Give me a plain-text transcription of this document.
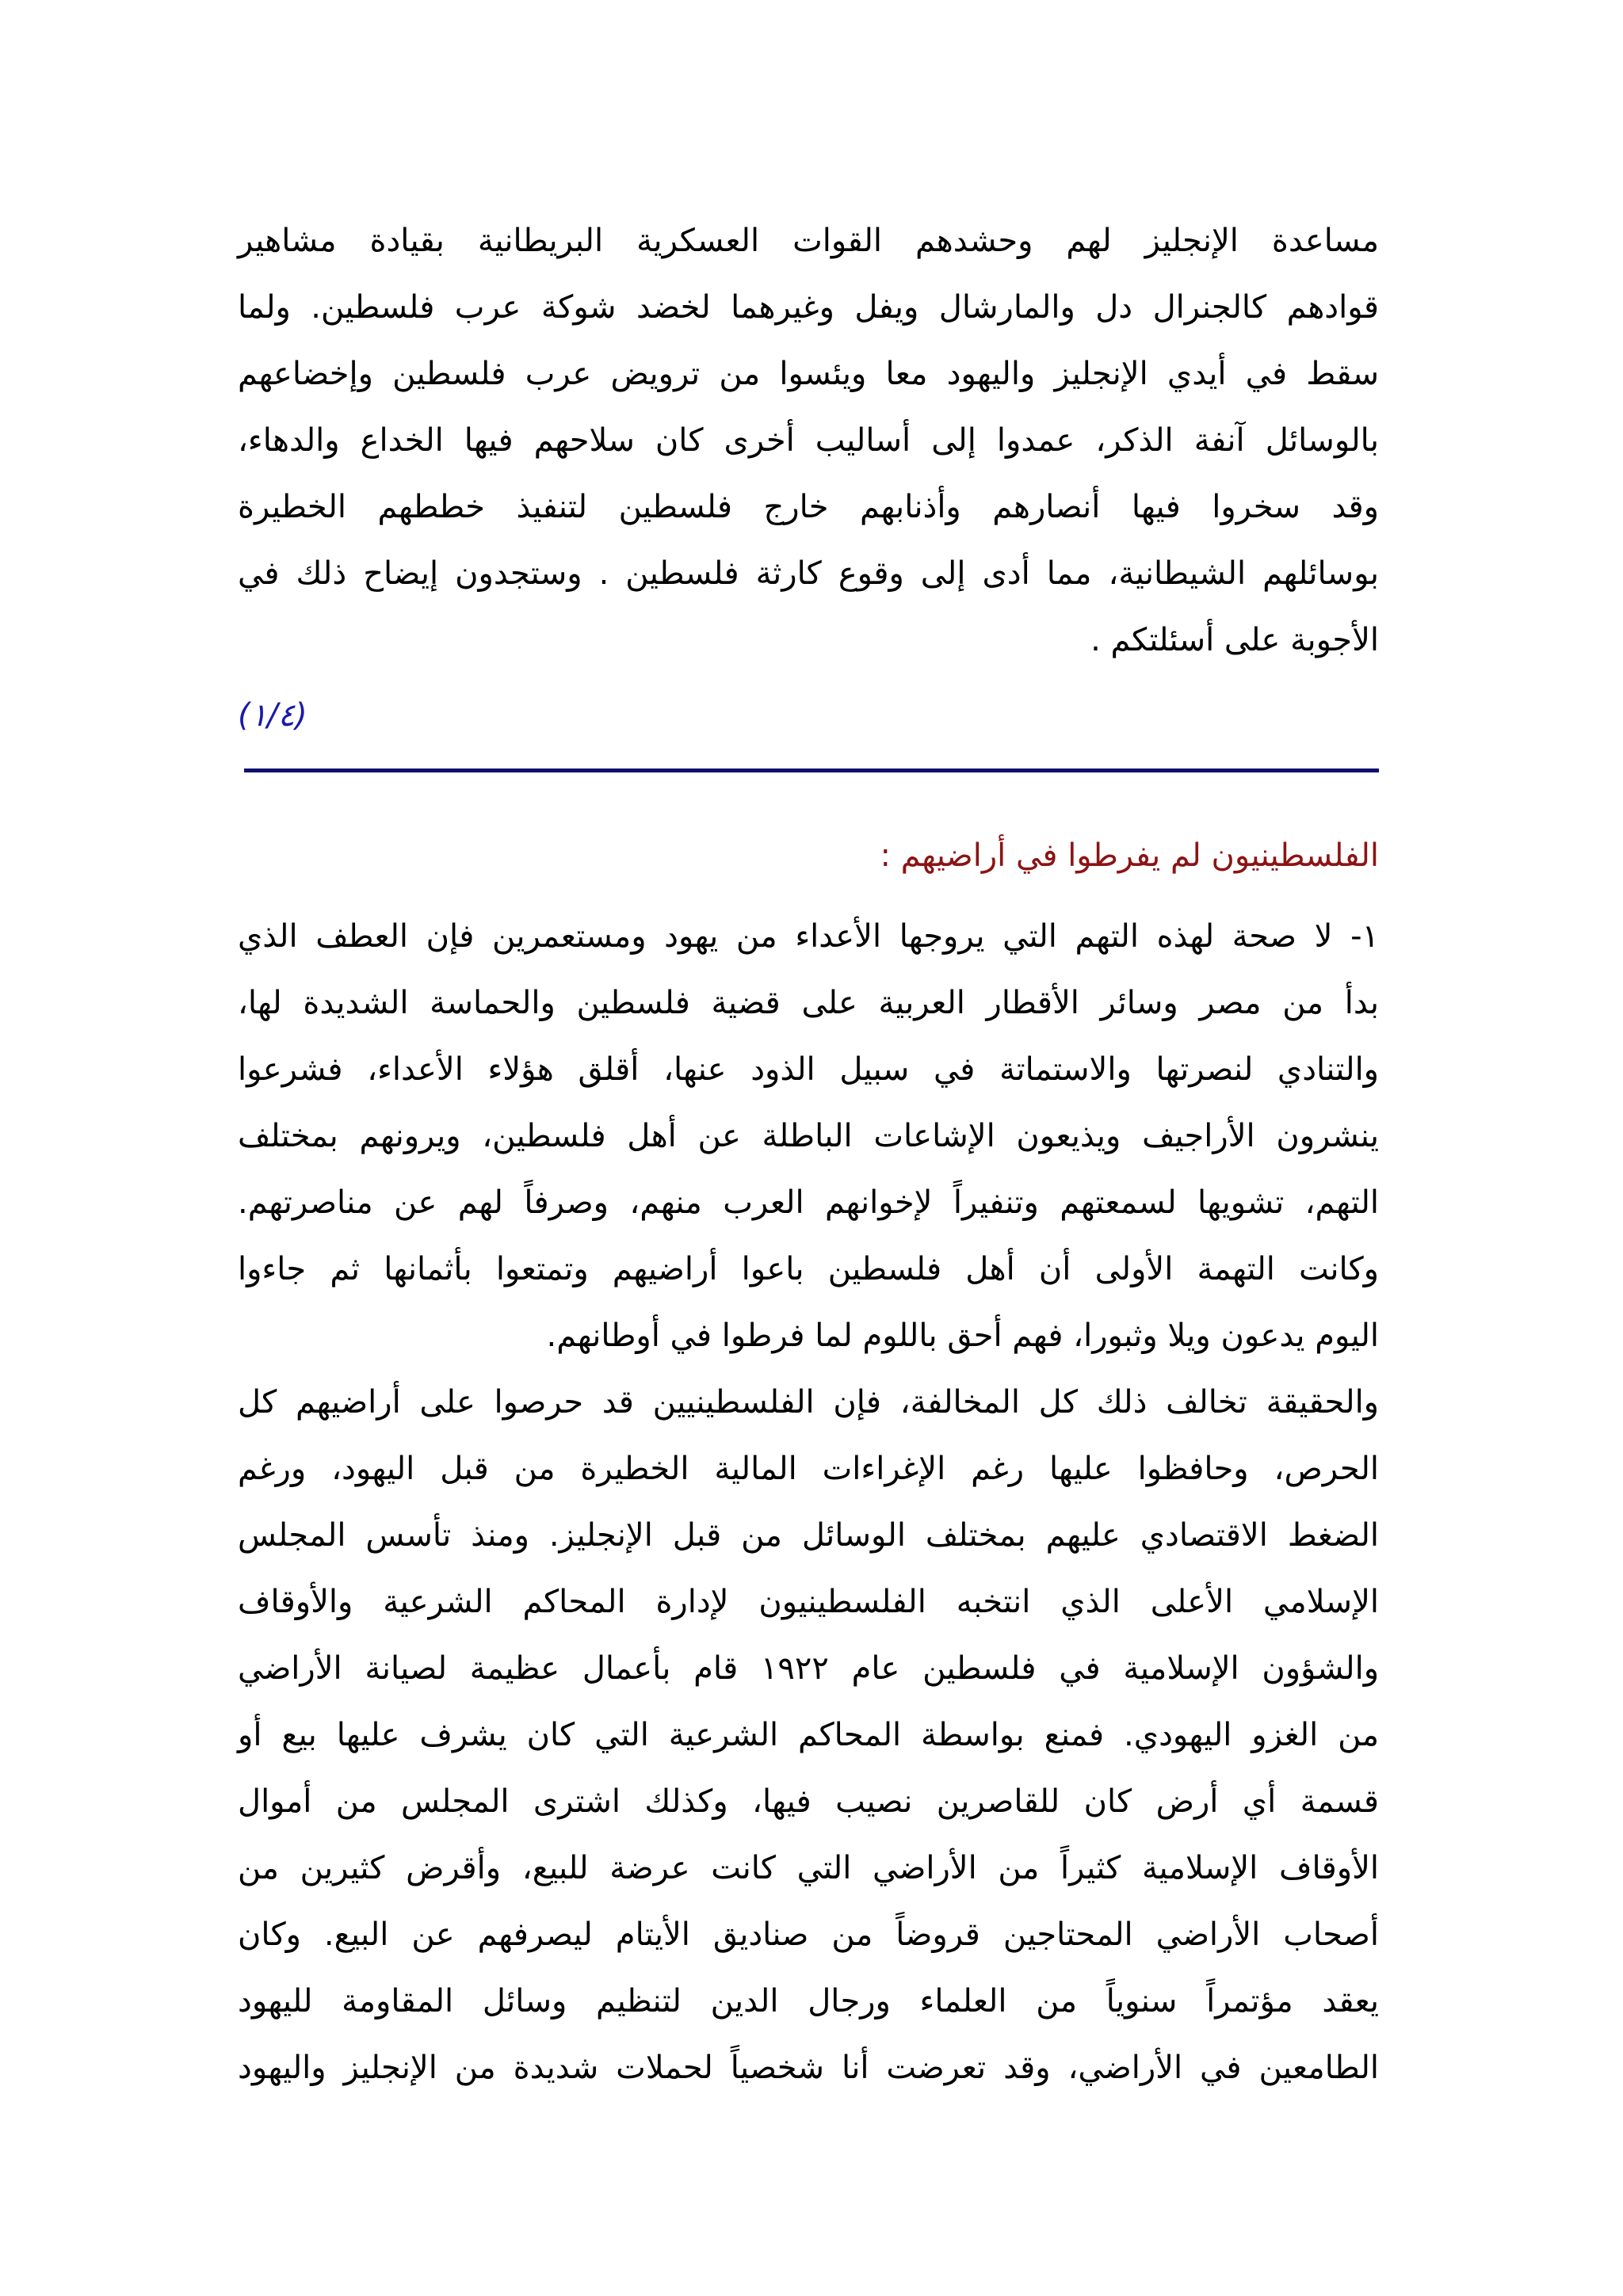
مساعدة الإنجليز لهم وحشدهم القوات العسكرية البريطانية بقيادة مشاهير
قوادهم كالجنرال دل والمارشال ويفل وغيرهما لخضد شوكة عرب فلسطين. ولما
سقط في أيدي الإنجليز واليهود معا ويئسوا من ترويض عرب فلسطين وإخضاعهم
بالوسائل آنفة الذكر، عمدوا إلى أساليب أخرى كان سلاحهم فيها الخداع والدهاء،
وقد سخروا فيها أنصارهم وأذنابهم خارج فلسطين لتنفيذ خططهم الخطيرة
بوسائلهم الشيطانية، مما أدى إلى وقوع كارثة فلسطين . وستجدون إيضاح ذلك في
الأجوبة على أسئلتكم .
(١/٤)
الفلسطينيون لم يفرطوا في أراضيهم :
١- لا صحة لهذه التهم التي يروجها الأعداء من يهود ومستعمرين فإن العطف الذي
بدأ من مصر وسائر الأقطار العربية على قضية فلسطين والحماسة الشديدة لها،
والتنادي لنصرتها والاستماتة في سبيل الذود عنها، أقلق هؤلاء الأعداء، فشرعوا
ينشرون الأراجيف ويذيعون الإشاعات الباطلة عن أهل فلسطين، ويرونهم بمختلف
التهم، تشويها لسمعتهم وتنفيراً لإخوانهم العرب منهم، وصرفاً لهم عن مناصرتهم.
وكانت التهمة الأولى أن أهل فلسطين باعوا أراضيهم وتمتعوا بأثمانها ثم جاءوا
اليوم يدعون ويلا وثبورا، فهم أحق باللوم لما فرطوا في أوطانهم.
والحقيقة تخالف ذلك كل المخالفة، فإن الفلسطينيين قد حرصوا على أراضيهم كل
الحرص، وحافظوا عليها رغم الإغراءات المالية الخطيرة من قبل اليهود، ورغم
الضغط الاقتصادي عليهم بمختلف الوسائل من قبل الإنجليز. ومنذ تأسس المجلس
الإسلامي الأعلى الذي انتخبه الفلسطينيون لإدارة المحاكم الشرعية والأوقاف
والشؤون الإسلامية في فلسطين عام ١٩٢٢ قام بأعمال عظيمة لصيانة الأراضي
من الغزو اليهودي. فمنع بواسطة المحاكم الشرعية التي كان يشرف عليها بيع أو
قسمة أي أرض كان للقاصرين نصيب فيها، وكذلك اشترى المجلس من أموال
الأوقاف الإسلامية كثيراً من الأراضي التي كانت عرضة للبيع، وأقرض كثيرين من
أصحاب الأراضي المحتاجين قروضاً من صناديق الأيتام ليصرفهم عن البيع. وكان
يعقد مؤتمراً سنوياً من العلماء ورجال الدين لتنظيم وسائل المقاومة لليهود
الطامعين في الأراضي، وقد تعرضت أنا شخصياً لحملات شديدة من الإنجليز واليهود
